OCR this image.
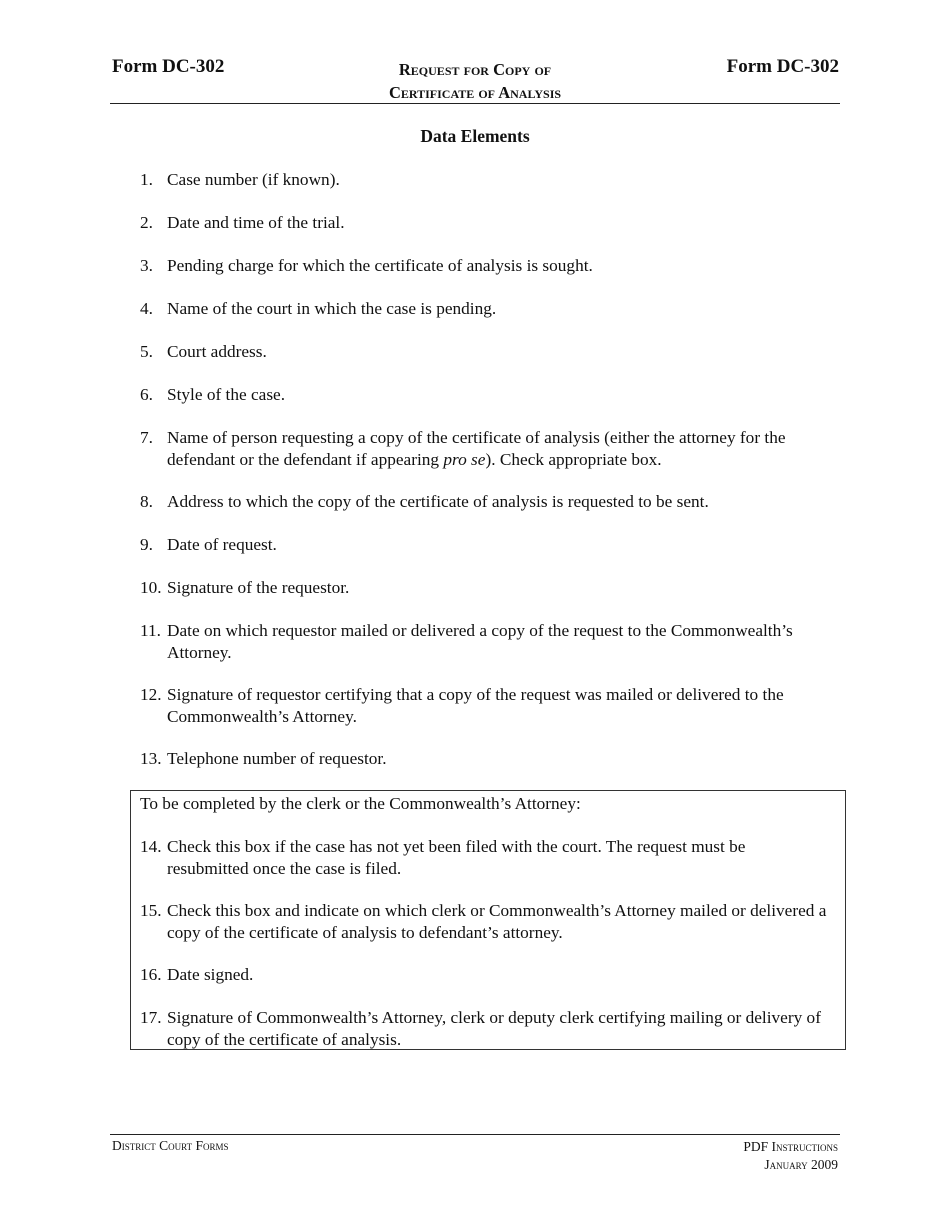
Form DC-302	Request for Copy of
Certificate of Analysis
Form DC-302
Data Elements
1. Case number (if known).
2. Date and time of the trial.
3. Pending charge for which the certificate of analysis is sought.
4. Name of the court in which the case is pending.
5. Court address.
6. Style of the case.
7. Name of person requesting a copy of the certificate of analysis (either the attorney for the defendant or the defendant if appearing pro se). Check appropriate box.
8. Address to which the copy of the certificate of analysis is requested to be sent.
9. Date of request.
10. Signature of the requestor.
11. Date on which requestor mailed or delivered a copy of the request to the Commonwealth’s Attorney.
12. Signature of requestor certifying that a copy of the request was mailed or delivered to the Commonwealth’s Attorney.
13. Telephone number of requestor.
To be completed by the clerk or the Commonwealth’s Attorney:
14. Check this box if the case has not yet been filed with the court. The request must be resubmitted once the case is filed.
15. Check this box and indicate on which clerk or Commonwealth’s Attorney mailed or delivered a copy of the certificate of analysis to defendant’s attorney.
16. Date signed.
17. Signature of Commonwealth’s Attorney, clerk or deputy clerk certifying mailing or delivery of copy of the certificate of analysis.
District Court Forms	PDF Instructions
January 2009
